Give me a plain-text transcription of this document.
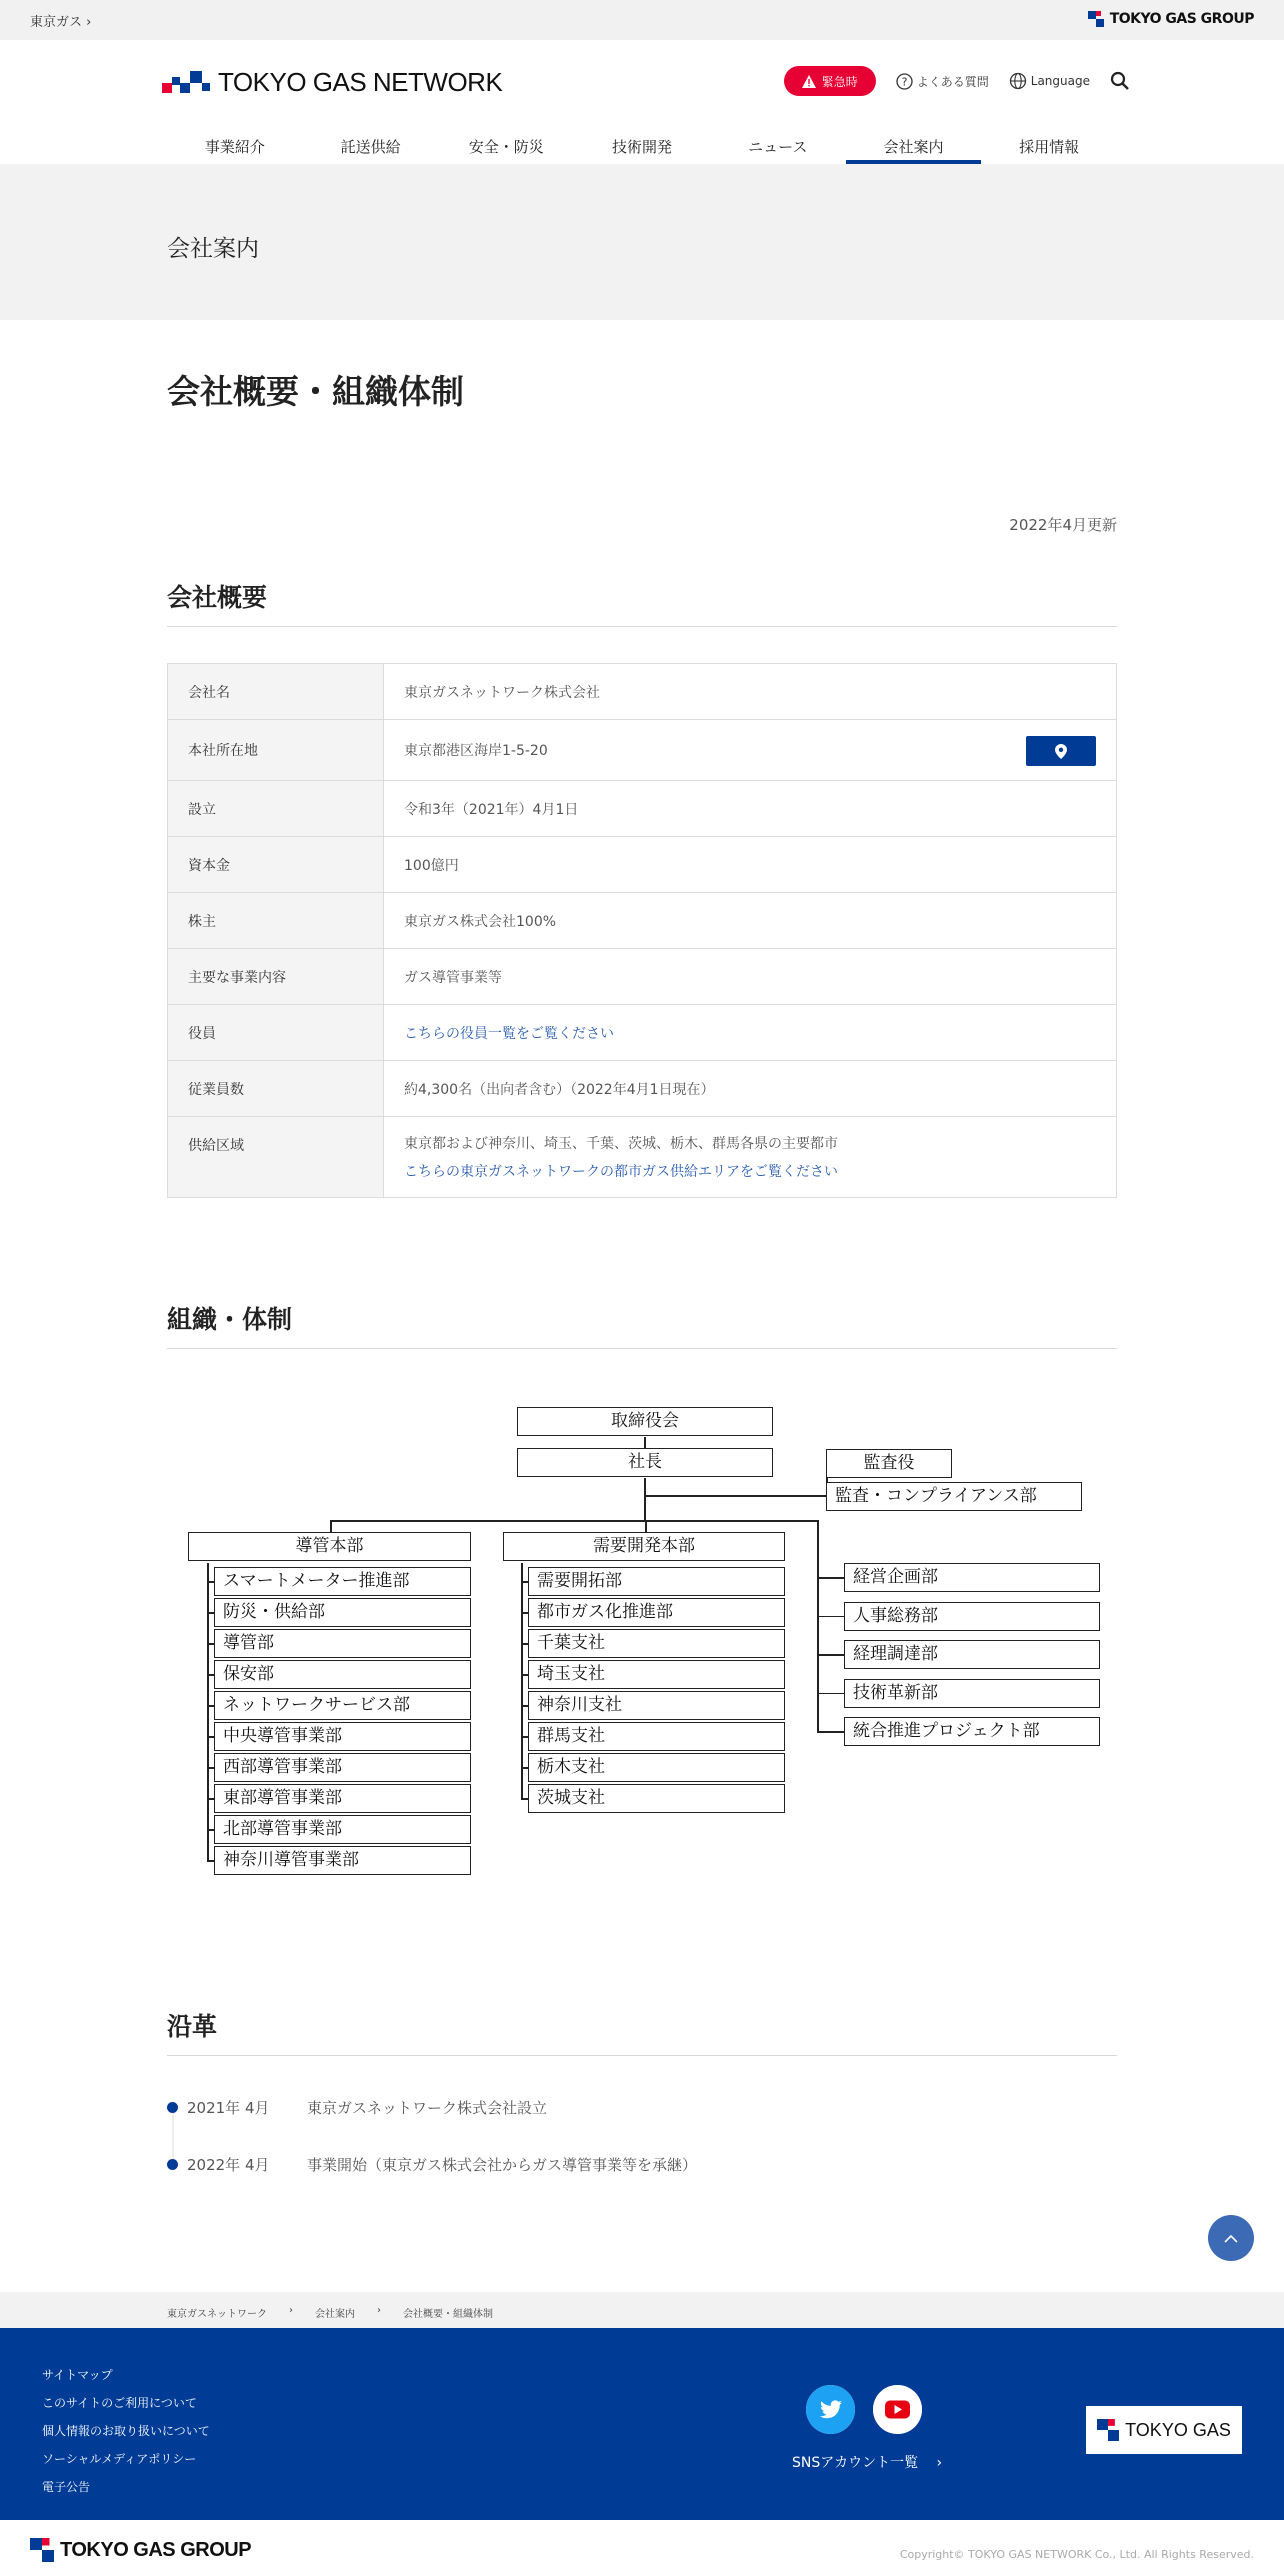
東京ガス ›	TOKYO GAS GROUP
TOKYO GAS NETWORK	緊急時	? よくある質問	Language
事業紹介	託送供給	安全・防災	技術開発	ニュース	会社案内	採用情報
会社案内
会社概要・組織体制
2022年4月更新
会社概要
会社名	東京ガスネットワーク株式会社
本社所在地	東京都港区海岸1-5-20
設立	令和3年（2021年）4月1日
資本金	100億円
株主	東京ガス株式会社100%
主要な事業内容	ガス導管事業等
役員	こちらの役員一覧をご覧ください
従業員数	約4,300名（出向者含む）（2022年4月1日現在）
供給区域	東京都および神奈川、埼玉、千葉、茨城、栃木、群馬各県の主要都市
こちらの東京ガスネットワークの都市ガス供給エリアをご覧ください
組織・体制
取締役会
社長	監査役
監査・コンプライアンス部
導管本部	需要開発本部
スマートメーター推進部
防災・供給部
導管部
保安部
ネットワークサービス部
中央導管事業部
西部導管事業部
東部導管事業部
北部導管事業部
神奈川導管事業部
需要開拓部
都市ガス化推進部
千葉支社
埼玉支社
神奈川支社
群馬支社
栃木支社
茨城支社
経営企画部
人事総務部
経理調達部
技術革新部
統合推進プロジェクト部
沿革
2021年 4月	東京ガスネットワーク株式会社設立
2022年 4月	事業開始（東京ガス株式会社からガス導管事業等を承継）
東京ガスネットワーク › 会社案内 › 会社概要・組織体制
サイトマップ
このサイトのご利用について
個人情報のお取り扱いについて
ソーシャルメディアポリシー
電子公告
SNSアカウント一覧 　›
TOKYO GAS
TOKYO GAS GROUP	Copyright© TOKYO GAS NETWORK Co., Ltd. All Rights Reserved.
